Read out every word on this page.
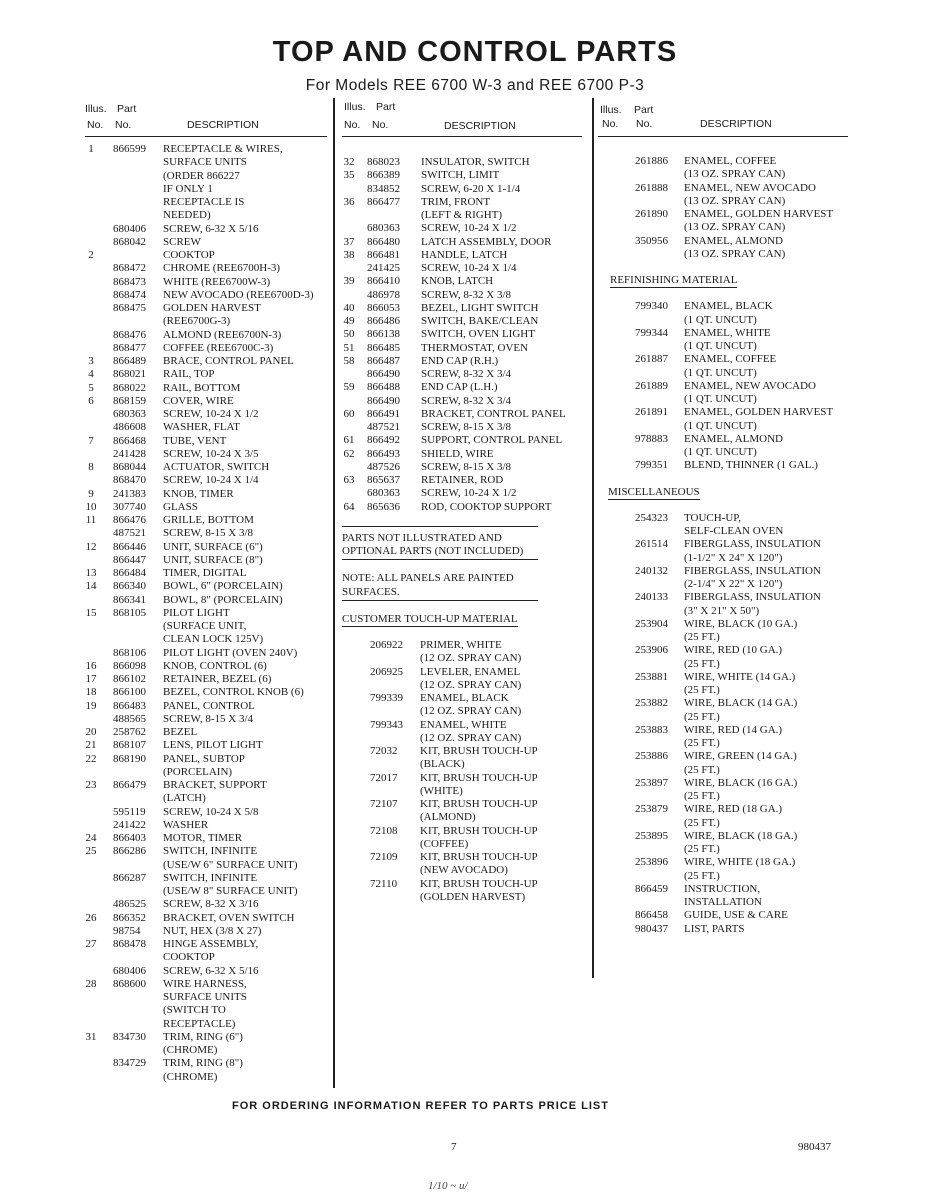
TOP AND CONTROL PARTS
For Models REE 6700 W-3 and REE 6700 P-3
Illus. Part
No. No.	DESCRIPTION
1	866599 RECEPTACLE & WIRES,
SURFACE UNITS
(ORDER 866227
IF ONLY 1
RECEPTACLE IS
NEEDED)
680406 SCREW, 6-32 X 5/16
868042 SCREW
2	COOKTOP
868472 CHROME (REE6700H-3)
868473 WHITE (REE6700W-3)
868474 NEW AVOCADO (REE6700D-3)
868475 GOLDEN HARVEST
(REE6700G-3)
868476 ALMOND (REE6700N-3)
868477 COFFEE (REE6700C-3)
3	866489 BRACE, CONTROL PANEL
4	868021 RAIL, TOP
5	868022 RAIL, BOTTOM
6	868159 COVER, WIRE
680363 SCREW, 10-24 X 1/2
486608 WASHER, FLAT
7	866468 TUBE, VENT
241428 SCREW, 10-24 X 3/5
8	868044 ACTUATOR, SWITCH
868470 SCREW, 10-24 X 1/4
9	241383 KNOB, TIMER
10	307740 GLASS
11	866476 GRILLE, BOTTOM
487521 SCREW, 8-15 X 3/8
12	866446 UNIT, SURFACE (6")
866447 UNIT, SURFACE (8")
13	866484 TIMER, DIGITAL
14	866340 BOWL, 6" (PORCELAIN)
866341 BOWL, 8" (PORCELAIN)
15	868105 PILOT LIGHT
(SURFACE UNIT,
CLEAN LOCK 125V)
868106 PILOT LIGHT (OVEN 240V)
16	866098 KNOB, CONTROL (6)
17	866102 RETAINER, BEZEL (6)
18	866100 BEZEL, CONTROL KNOB (6)
19	866483 PANEL, CONTROL
488565 SCREW, 8-15 X 3/4
20	258762 BEZEL
21	868107 LENS, PILOT LIGHT
22	868190 PANEL, SUBTOP
(PORCELAIN)
23	866479 BRACKET, SUPPORT
(LATCH)
595119 SCREW, 10-24 X 5/8
241422 WASHER
24	866403 MOTOR, TIMER
25	866286 SWITCH, INFINITE
(USE/W 6" SURFACE UNIT)
866287 SWITCH, INFINITE
(USE/W 8" SURFACE UNIT)
486525 SCREW, 8-32 X 3/16
26	866352 BRACKET, OVEN SWITCH
98754 NUT, HEX (3/8 X 27)
27	868478 HINGE ASSEMBLY,
COOKTOP
680406 SCREW, 6-32 X 5/16
28	868600 WIRE HARNESS,
SURFACE UNITS
(SWITCH TO
RECEPTACLE)
31	834730 TRIM, RING (6")
(CHROME)
834729 TRIM, RING (8")
(CHROME)
Illus. Part
No. No.	DESCRIPTION
32	868023 INSULATOR, SWITCH
35	866389 SWITCH, LIMIT
834852 SCREW, 6-20 X 1-1/4
36	866477 TRIM, FRONT
(LEFT & RIGHT)
680363 SCREW, 10-24 X 1/2
37	866480 LATCH ASSEMBLY, DOOR
38	866481 HANDLE, LATCH
241425 SCREW, 10-24 X 1/4
39	866410 KNOB, LATCH
486978 SCREW, 8-32 X 3/8
40	866053 BEZEL, LIGHT SWITCH
49	866486 SWITCH, BAKE/CLEAN
50	866138 SWITCH, OVEN LIGHT
51	866485 THERMOSTAT, OVEN
58	866487 END CAP (R.H.)
866490 SCREW, 8-32 X 3/4
59	866488 END CAP (L.H.)
866490 SCREW, 8-32 X 3/4
60	866491 BRACKET, CONTROL PANEL
487521 SCREW, 8-15 X 3/8
61	866492 SUPPORT, CONTROL PANEL
62	866493 SHIELD, WIRE
487526 SCREW, 8-15 X 3/8
63	865637 RETAINER, ROD
680363 SCREW, 10-24 X 1/2
64	865636 ROD, COOKTOP SUPPORT
PARTS NOT ILLUSTRATED AND
OPTIONAL PARTS (NOT INCLUDED)
NOTE: ALL PANELS ARE PAINTED
SURFACES.
CUSTOMER TOUCH-UP MATERIAL
206922 PRIMER, WHITE
(12 OZ. SPRAY CAN)
206925 LEVELER, ENAMEL
(12 OZ. SPRAY CAN)
799339 ENAMEL, BLACK
(12 OZ. SPRAY CAN)
799343 ENAMEL, WHITE
(12 OZ. SPRAY CAN)
72032 KIT, BRUSH TOUCH-UP
(BLACK)
72017 KIT, BRUSH TOUCH-UP
(WHITE)
72107 KIT, BRUSH TOUCH-UP
(ALMOND)
72108 KIT, BRUSH TOUCH-UP
(COFFEE)
72109 KIT, BRUSH TOUCH-UP
(NEW AVOCADO)
72110 KIT, BRUSH TOUCH-UP
(GOLDEN HARVEST)
Illus. Part
No. No.	DESCRIPTION
261886 ENAMEL, COFFEE
(13 OZ. SPRAY CAN)
261888 ENAMEL, NEW AVOCADO
(13 OZ. SPRAY CAN)
261890 ENAMEL, GOLDEN HARVEST
(13 OZ. SPRAY CAN)
350956 ENAMEL, ALMOND
(13 OZ. SPRAY CAN)
REFINISHING MATERIAL
799340 ENAMEL, BLACK
(1 QT. UNCUT)
799344 ENAMEL, WHITE
(1 QT. UNCUT)
261887 ENAMEL, COFFEE
(1 QT. UNCUT)
261889 ENAMEL, NEW AVOCADO
(1 QT. UNCUT)
261891 ENAMEL, GOLDEN HARVEST
(1 QT. UNCUT)
978883 ENAMEL, ALMOND
(1 QT. UNCUT)
799351 BLEND, THINNER (1 GAL.)
MISCELLANEOUS
254323 TOUCH-UP,
SELF-CLEAN OVEN
261514 FIBERGLASS, INSULATION
(1-1/2" X 24" X 120")
240132 FIBERGLASS, INSULATION
(2-1/4" X 22" X 120")
240133 FIBERGLASS, INSULATION
(3" X 21" X 50")
253904 WIRE, BLACK (10 GA.)
(25 FT.)
253906 WIRE, RED (10 GA.)
(25 FT.)
253881 WIRE, WHITE (14 GA.)
(25 FT.)
253882 WIRE, BLACK (14 GA.)
(25 FT.)
253883 WIRE, RED (14 GA.)
(25 FT.)
253886 WIRE, GREEN (14 GA.)
(25 FT.)
253897 WIRE, BLACK (16 GA.)
(25 FT.)
253879 WIRE, RED (18 GA.)
(25 FT.)
253895 WIRE, BLACK (18 GA.)
(25 FT.)
253896 WIRE, WHITE (18 GA.)
(25 FT.)
866459 INSTRUCTION,
INSTALLATION
866458 GUIDE, USE & CARE
980437 LIST, PARTS
FOR ORDERING INFORMATION REFER TO PARTS PRICE LIST
7	980437
1/10 ~ u/
